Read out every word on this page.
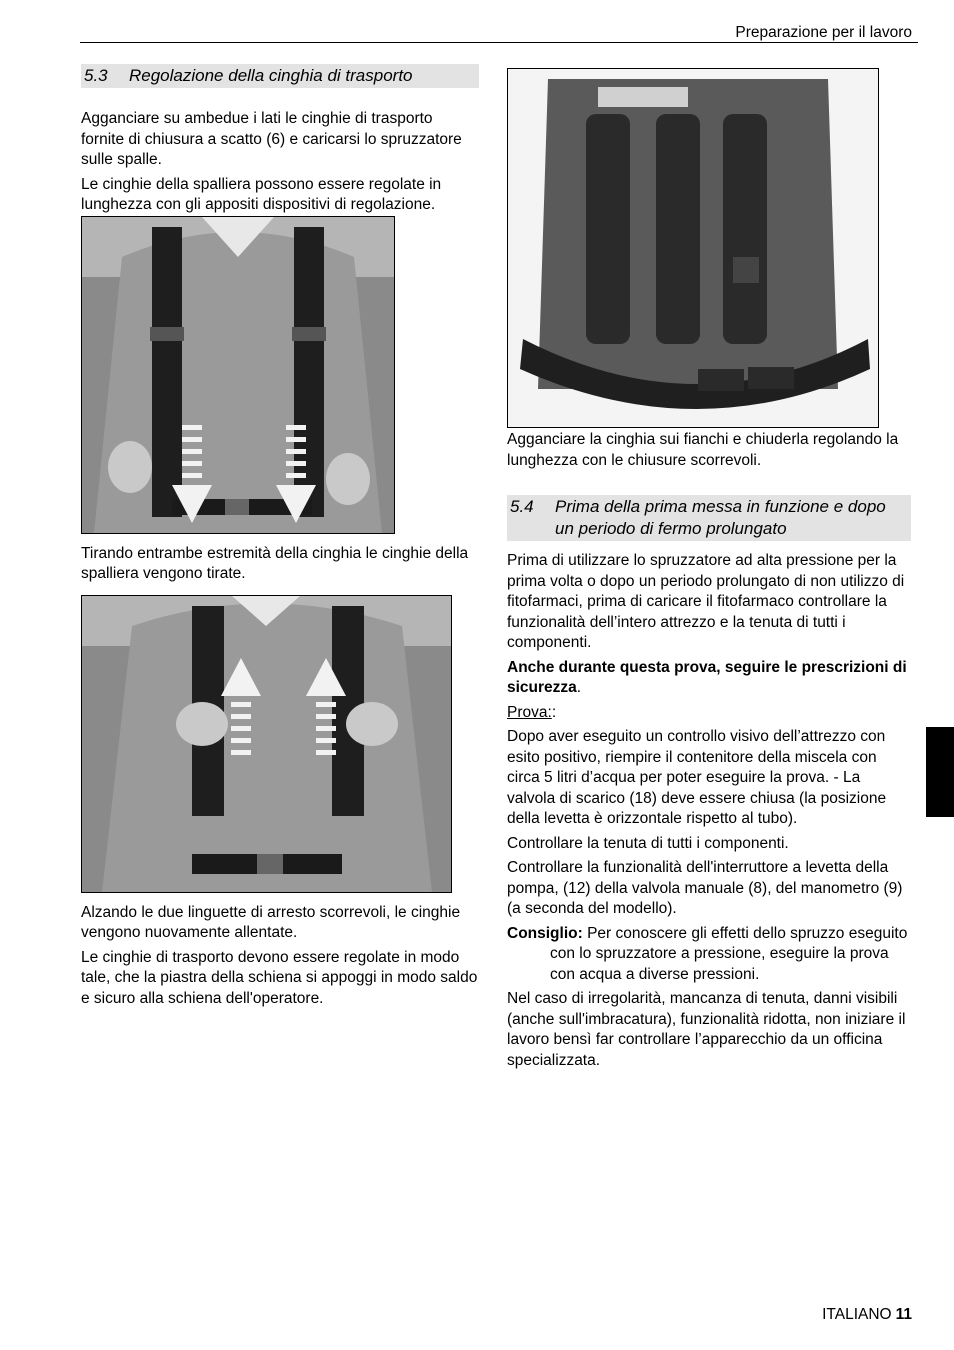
Preparazione per il lavoro
5.3	Regolazione della cinghia di trasporto

Agganciare su ambedue i lati le cinghie di trasporto fornite di chiusura a scatto (6) e caricarsi lo spruzzatore sulle spalle.

Le cinghie della spalliera possono essere regolate in lunghezza con gli appositi dispositivi di regolazione.

Tirando entrambe estremità della cinghia le cinghie della spalliera vengono tirate.

Alzando le due linguette di arresto scorrevoli, le cinghie vengono nuovamente allentate.

Le cinghie di trasporto devono essere regolate in modo tale, che la piastra della schiena si appoggi in modo saldo e sicuro alla schiena dell'operatore.

Agganciare la cinghia sui fianchi e chiuderla regolando la lunghezza con le chiusure scorrevoli.

5.4	Prima della prima messa in funzione e dopo un periodo di fermo prolungato

Prima di utilizzare lo spruzzatore ad alta pressione per la prima volta o dopo un periodo prolungato di non utilizzo di fitofarmaci, prima di caricare il fitofarmaco controllare la funzionalità dell’intero attrezzo e la tenuta di tutti i componenti.

Anche durante questa prova, seguire le prescrizioni di sicurezza.

Prova::

Dopo aver eseguito un controllo visivo dell’attrezzo con esito positivo, riempire il contenitore della miscela con circa 5 litri d’acqua per poter eseguire la prova. - La valvola di scarico (18) deve essere chiusa (la posizione della levetta è orizzontale rispetto al tubo).

Controllare la tenuta di tutti i componenti.

Controllare la funzionalità dell'interruttore a levetta della pompa, (12) della valvola manuale (8), del manometro (9) (a seconda del modello).

Consiglio: Per conoscere gli effetti dello spruzzo eseguito con lo spruzzatore a pressione, eseguire la prova con acqua a diverse pressioni.

Nel caso di irregolarità, mancanza di tenuta, danni visibili (anche sull'imbracatura), funzionalità ridotta, non iniziare il lavoro bensì far controllare l’apparecchio da un officina specializzata.

ITALIANO 11
